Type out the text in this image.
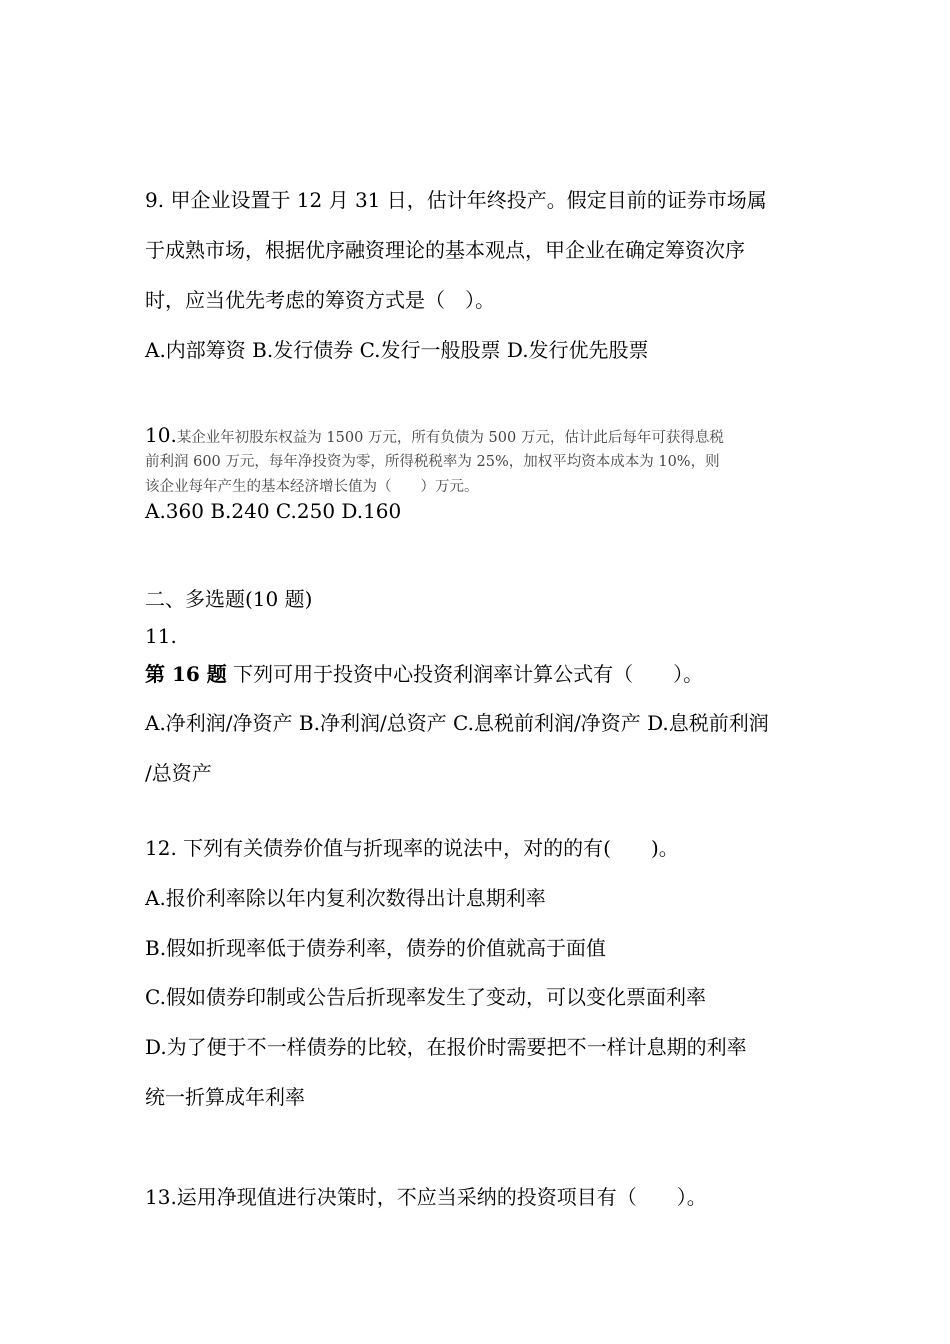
9. 甲企业设置于 12 月 31 日，估计年终投产。假定目前的证券市场属
于成熟市场，根据优序融资理论的基本观点，甲企业在确定筹资次序
时，应当优先考虑的筹资方式是（　）。
A.内部筹资 B.发行债券 C.发行一般股票 D.发行优先股票
10.某企业年初股东权益为 1500 万元，所有负债为 500 万元，估计此后每年可获得息税
前利润 600 万元，每年净投资为零，所得税税率为 25%，加权平均资本成本为 10%，则
该企业每年产生的基本经济增长值为（　　）万元。
A.360 B.240 C.250 D.160
二、多选题(10 题)
11.
第 16 题 下列可用于投资中心投资利润率计算公式有（　　）。
A.净利润/净资产 B.净利润/总资产 C.息税前利润/净资产 D.息税前利润
/总资产
12. 下列有关债券价值与折现率的说法中，对的的有(　　)。
A.报价利率除以年内复利次数得出计息期利率
B.假如折现率低于债券利率，债券的价值就高于面值
C.假如债券印制或公告后折现率发生了变动，可以变化票面利率
D.为了便于不一样债券的比较，在报价时需要把不一样计息期的利率
统一折算成年利率
13.运用净现值进行决策时，不应当采纳的投资项目有（　　）。
